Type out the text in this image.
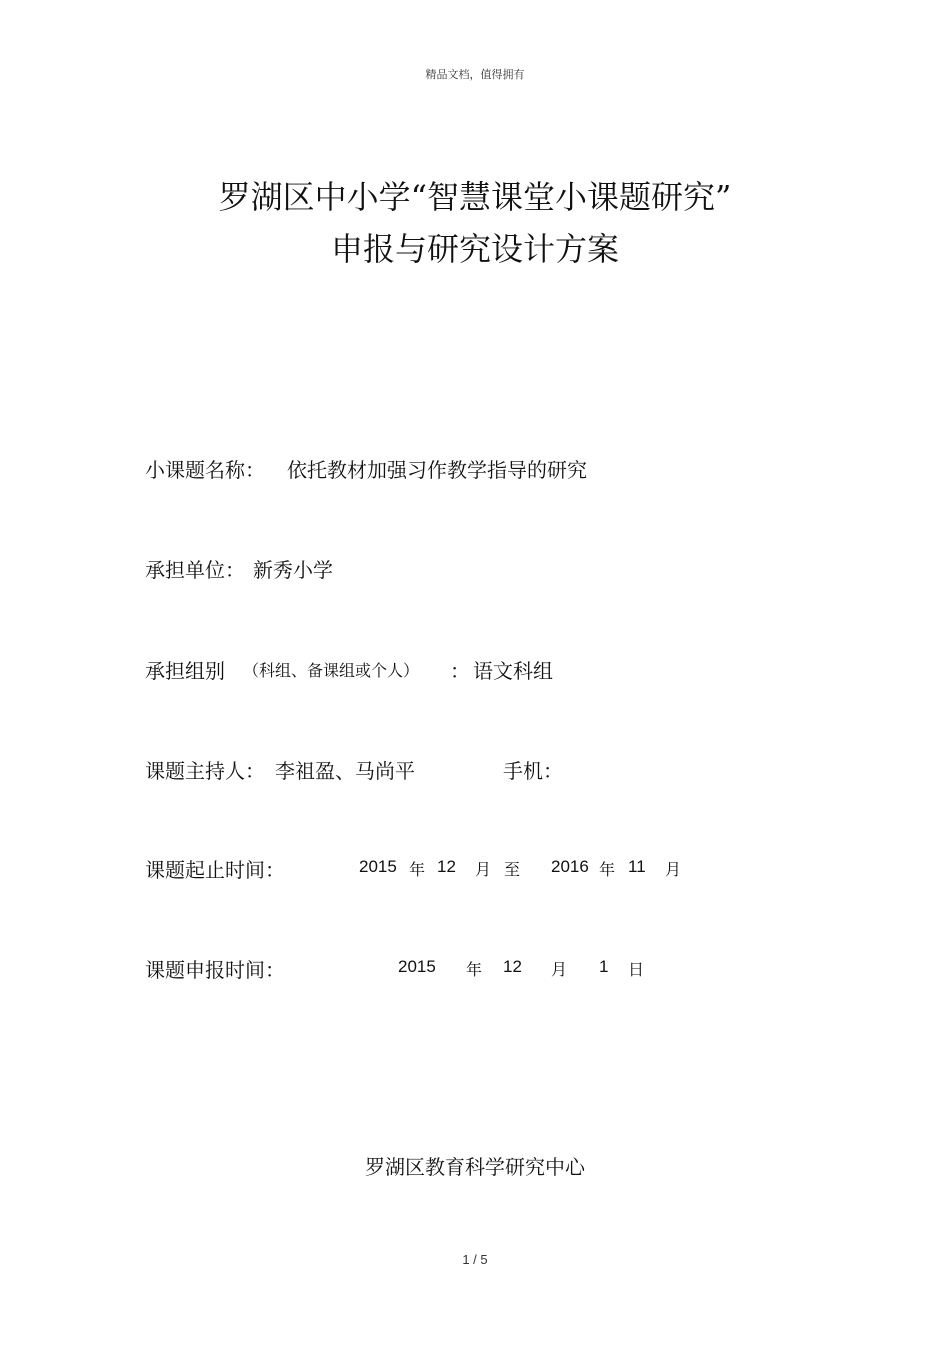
精品文档，值得拥有
罗湖区中小学“智慧课堂小课题研究”
申报与研究设计方案
小课题名称： 依托教材加强习作教学指导的研究
承担单位： 新秀小学
承担组别 （科组、备课组或个人） ： 语文科组
课题主持人： 李祖盈、马尚平	手机：
课题起止时间：	2015 年 12 月 至 2016 年 11 月
课题申报时间：	2015 年 12 月 1 日
罗湖区教育科学研究中心
1 / 5
